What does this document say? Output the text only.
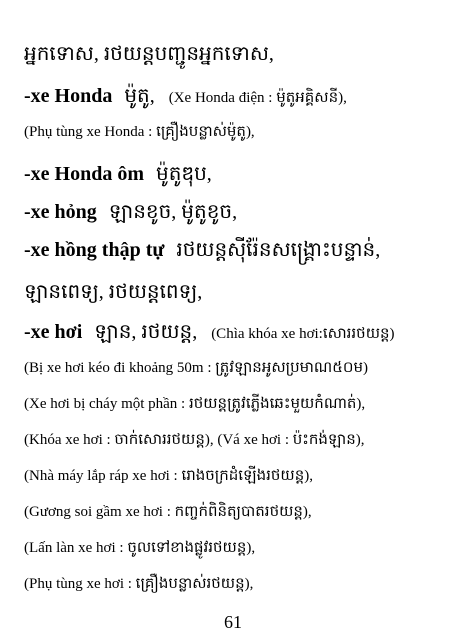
អ្នកទោស, រថយន្តបញ្ជូនអ្នកទោស,
-xe Honda ម៉ូតូ, (Xe Honda điện : ម៉ូតូអគ្គិសនី),
(Phụ tùng xe Honda : គ្រឿងបន្លាស់ម៉ូតូ),
-xe Honda ôm ម៉ូតូឌុប,
-xe hỏng ឡានខូច, ម៉ូតូខូច,
-xe hồng thập tự រថយន្តស៊ីរ៉ែនសង្គ្រោះបន្ទាន់,
ឡានពេទ្យ, រថយន្តពេទ្យ,
-xe hơi ឡាន, រថយន្ត, (Chìa khóa xe hơi:សោររថយន្ត)
(Bị xe hơi kéo đi khoảng 50m : ត្រូវឡានអូសប្រមាណ៥០ម)
(Xe hơi bị cháy một phần : រថយន្តត្រូវភ្លើងឆេះមួយកំណាត់),
(Khóa xe hơi : ចាក់សោររថយន្ត), (Vá xe hơi : ប៉ះកង់ឡាន),
(Nhà máy lắp ráp xe hơi : រោងចក្រដំឡើងរថយន្ត),
(Gương soi gầm xe hơi : កញ្ចក់ពិនិត្យបាតរថយន្ត),
(Lấn làn xe hơi : ចូលទៅខាងផ្លូវរថយន្ត),
(Phụ tùng xe hơi : គ្រឿងបន្លាស់រថយន្ត),
61
